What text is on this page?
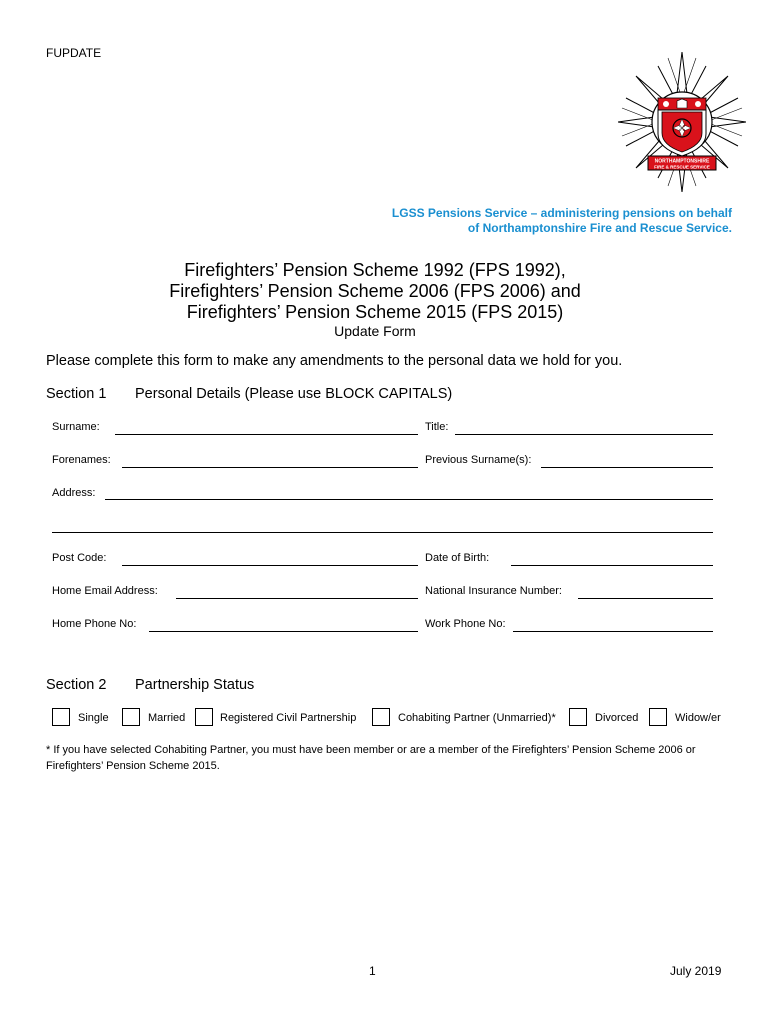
FUPDATE
NORTHAMPTONSHIRE
FIRE & RESCUE SERVICE
LGSS Pensions Service – administering pensions on behalf
of Northamptonshire Fire and Rescue Service.
Firefighters’ Pension Scheme 1992 (FPS 1992),
Firefighters’ Pension Scheme 2006 (FPS 2006) and
Firefighters’ Pension Scheme 2015 (FPS 2015)
Update Form
Please complete this form to make any amendments to the personal data we hold for you.
Section 1 Personal Details (Please use BLOCK CAPITALS)
Surname:	Title:
Forenames:	Previous Surname(s):
Address:
Post Code:	Date of Birth:
Home Email Address:	National Insurance Number:
Home Phone No:	Work Phone No:
Section 2 Partnership Status
Single	Married	Registered Civil Partnership	Cohabiting Partner (Unmarried)*	Divorced	Widow/er
* If you have selected Cohabiting Partner, you must have been member or are a member of the Firefighters’ Pension Scheme 2006 or Firefighters’ Pension Scheme 2015.
1	July 2019
